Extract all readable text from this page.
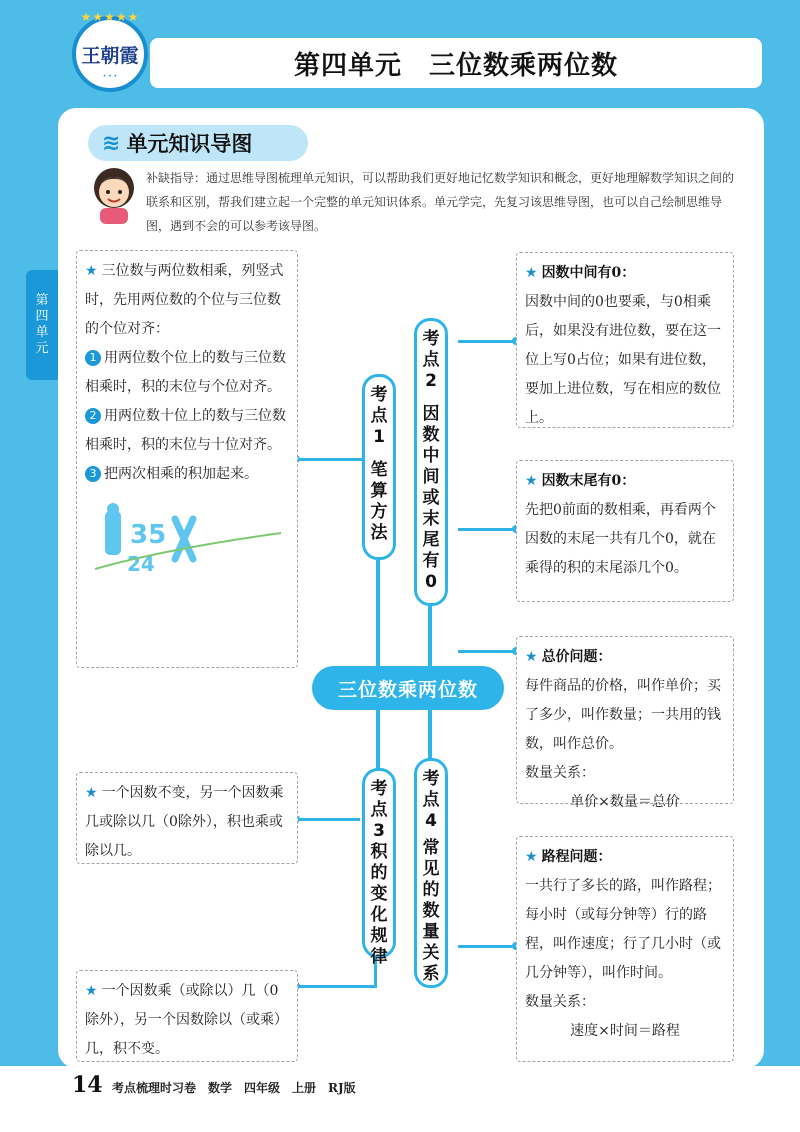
★★★★★
王朝霞
• • •	第四单元　三位数乘两位数
第
四
单
元
≋ 单元知识导图
补缺指导：通过思维导图梳理单元知识，可以帮助我们更好地记忆数学知识和概念，更好地理解数学知识之间的联系和区别，帮我们建立起一个完整的单元知识体系。单元学完，先复习该思维导图，也可以自己绘制思维导图，遇到不会的可以参考该导图。
★ 三位数与两位数相乘，列竖式时，先用两位数的个位与三位数的个位对齐：
1 用两位数个位上的数与三位数相乘时，积的末位与个位对齐。
2 用两位数十位上的数与三位数相乘时，积的末位与十位对齐。
3 把两次相乘的积加起来。
35
24
★ 因数中间有0：
因数中间的0也要乘，与0相乘后，如果没有进位数，要在这一位上写0占位；如果有进位数，要加上进位数，写在相应的数位上。
★ 因数末尾有0：
先把0前面的数相乘，再看两个因数的末尾一共有几个0，就在乘得的积的末尾添几个0。
★ 总价问题：
每件商品的价格，叫作单价；买了多少，叫作数量；一共用的钱数，叫作总价。
数量关系：
单价×数量＝总价
★ 路程问题：
一共行了多长的路，叫作路程；每小时（或每分钟等）行的路程，叫作速度；行了几小时（或几分钟等），叫作时间。
数量关系：
速度×时间＝路程
★ 一个因数不变，另一个因数乘几或除以几（0除外），积也乘或除以几。
★ 一个因数乘（或除以）几（0除外），另一个因数除以（或乘）几，积不变。
考点1
笔算方法
考点2
因数中间或末尾有0
考点3
积的变化规律
考点4
常见的数量关系
三位数乘两位数
14 考点梳理时习卷　数学　四年级　上册　RJ版
